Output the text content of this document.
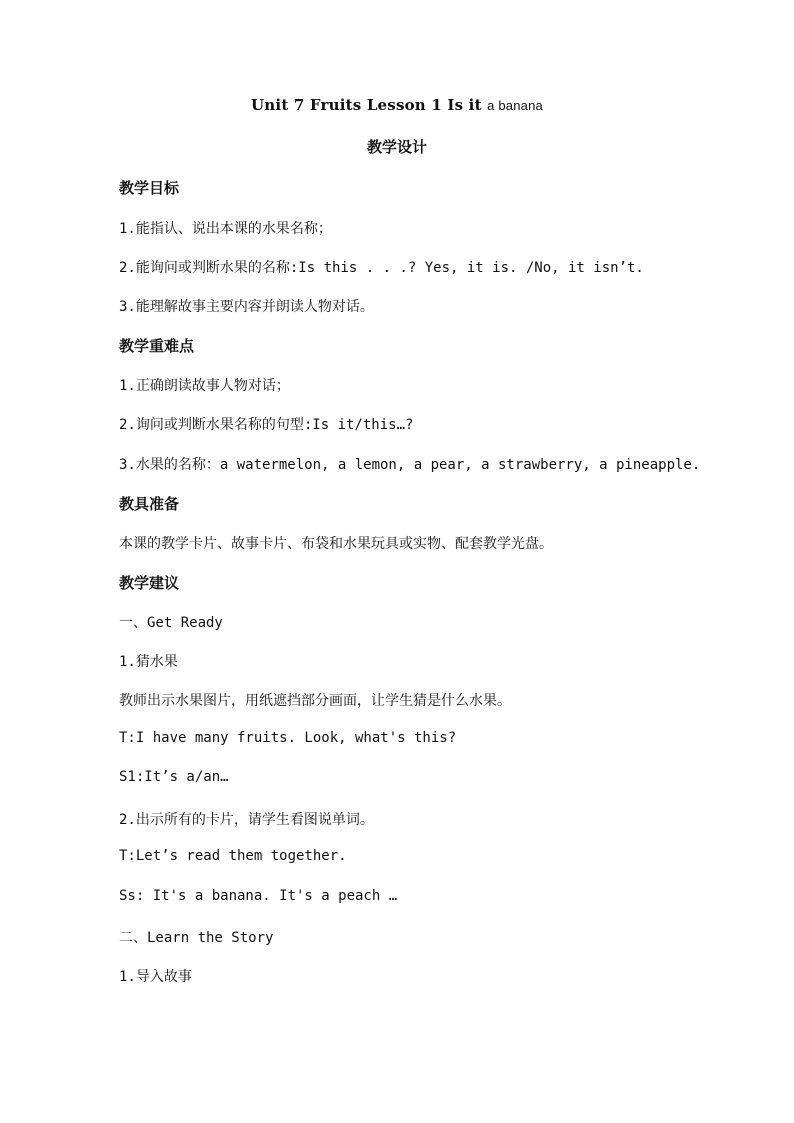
Unit 7 Fruits Lesson 1 Is it a banana
教学设计
教学目标
1.能指认、说出本课的水果名称；
2.能询问或判断水果的名称:Is this . . .? Yes, it is. /No, it isn’t.
3.能理解故事主要内容并朗读人物对话。
教学重难点
1.正确朗读故事人物对话；
2.询问或判断水果名称的句型:Is it/this…?
3.水果的名称：a watermelon, a lemon, a pear, a strawberry, a pineapple.
教具准备
本课的教学卡片、故事卡片、布袋和水果玩具或实物、配套教学光盘。
教学建议
一、Get Ready
1.猜水果
教师出示水果图片，用纸遮挡部分画面，让学生猜是什么水果。
T:I have many fruits. Look, what's this?
S1:It’s a/an…
2.出示所有的卡片，请学生看图说单词。
T:Let’s read them together.
Ss: It's a banana. It's a peach …
二、Learn the Story
1.导入故事
